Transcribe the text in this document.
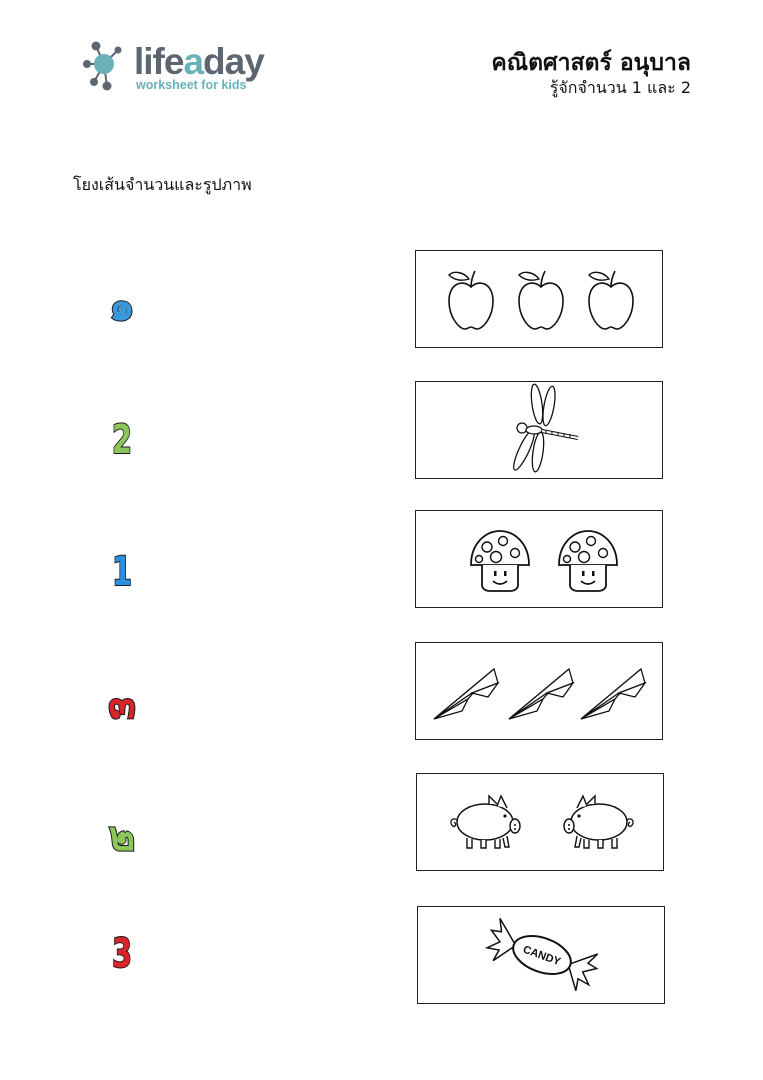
lifeaday
worksheet for kids
คณิตศาสตร์ อนุบาล
รู้จักจำนวน 1 และ 2
โยงเส้นจำนวนและรูปภาพ
๑
2
1
๓
๒
3	CANDY
